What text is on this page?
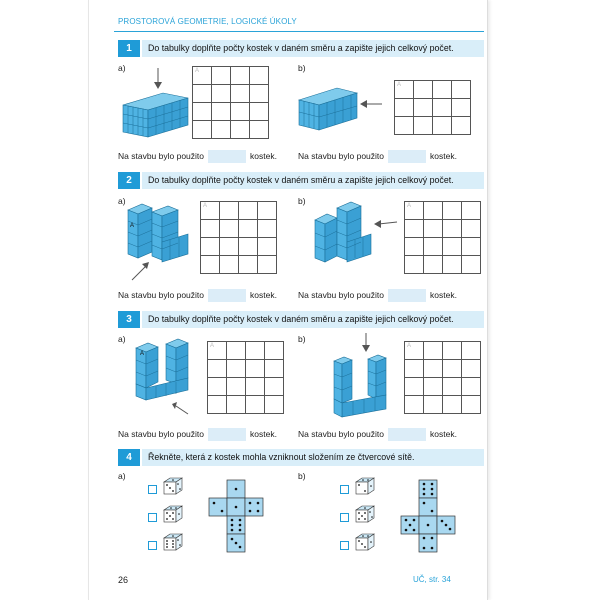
PROSTOROVÁ GEOMETRIE, LOGICKÉ ÚKOLY
1	Do tabulky doplňte počty kostek v daném směru a zapište jejich celkový počet.
a)	b)
A			

A			

Na stavbu bylo použito	kostek. Na stavbu bylo použito	kostek.
2	Do tabulky doplňte počty kostek v daném směru a zapište jejich celkový počet.
a)	b)
A
A			

				A			

Na stavbu bylo použito	kostek. Na stavbu bylo použito	kostek.
3	Do tabulky doplňte počty kostek v daném směru a zapište jejich celkový počet.
a)	b)
A
A			

				A			

Na stavbu bylo použito	kostek. Na stavbu bylo použito	kostek.
4	Řekněte, která z kostek mohla vzniknout složením ze čtvercové sítě.
a)	b)
26	UČ, str. 34
